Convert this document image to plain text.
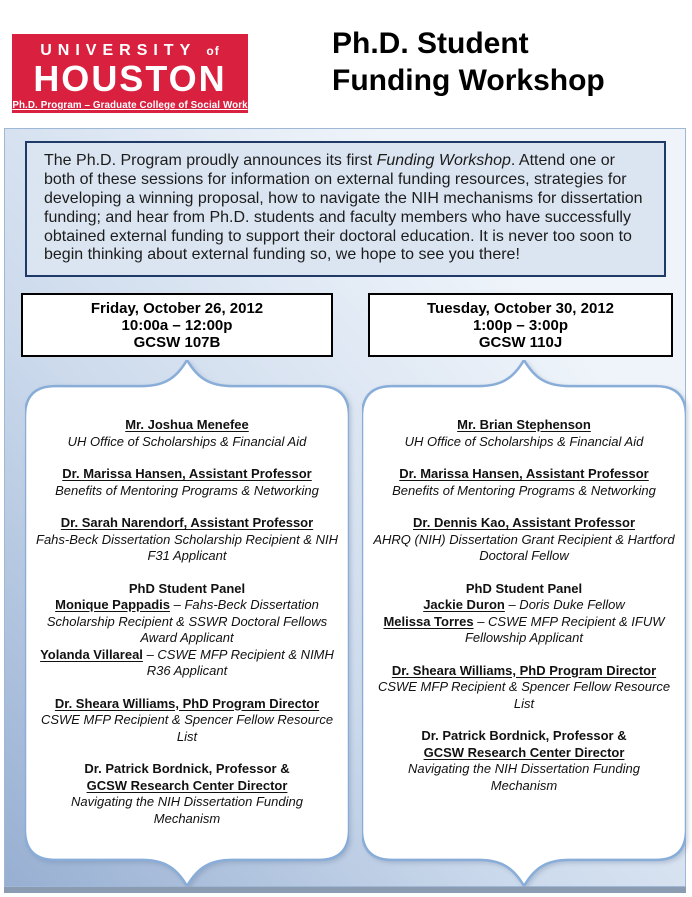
UNIVERSITY of
HOUSTON
Ph.D. Program – Graduate College of Social Work
Ph.D. Student
Funding Workshop
The Ph.D. Program proudly announces its first Funding Workshop. Attend one or both of these sessions for information on external funding resources, strategies for developing a winning proposal, how to navigate the NIH mechanisms for dissertation funding; and hear from Ph.D. students and faculty members who have successfully obtained external funding to support their doctoral education. It is never too soon to begin thinking about external funding so, we hope to see you there!
Friday, October 26, 2012
10:00a – 12:00p
GCSW 107B
Tuesday, October 30, 2012
1:00p – 3:00p
GCSW 110J
Mr. Joshua Menefee
UH Office of Scholarships & Financial Aid
Dr. Marissa Hansen, Assistant Professor
Benefits of Mentoring Programs & Networking
Dr. Sarah Narendorf, Assistant Professor
Fahs-Beck Dissertation Scholarship Recipient & NIH F31 Applicant
PhD Student Panel
Monique Pappadis – Fahs-Beck Dissertation Scholarship Recipient & SSWR Doctoral Fellows Award Applicant
Yolanda Villareal – CSWE MFP Recipient & NIMH R36 Applicant
Dr. Sheara Williams, PhD Program Director
CSWE MFP Recipient & Spencer Fellow Resource List
Dr. Patrick Bordnick, Professor &
GCSW Research Center Director
Navigating the NIH Dissertation Funding Mechanism
Mr. Brian Stephenson
UH Office of Scholarships & Financial Aid
Dr. Marissa Hansen, Assistant Professor
Benefits of Mentoring Programs & Networking
Dr. Dennis Kao, Assistant Professor
AHRQ (NIH) Dissertation Grant Recipient & Hartford Doctoral Fellow
PhD Student Panel
Jackie Duron – Doris Duke Fellow
Melissa Torres – CSWE MFP Recipient & IFUW Fellowship Applicant
Dr. Sheara Williams, PhD Program Director
CSWE MFP Recipient & Spencer Fellow Resource List
Dr. Patrick Bordnick, Professor &
GCSW Research Center Director
Navigating the NIH Dissertation Funding Mechanism
